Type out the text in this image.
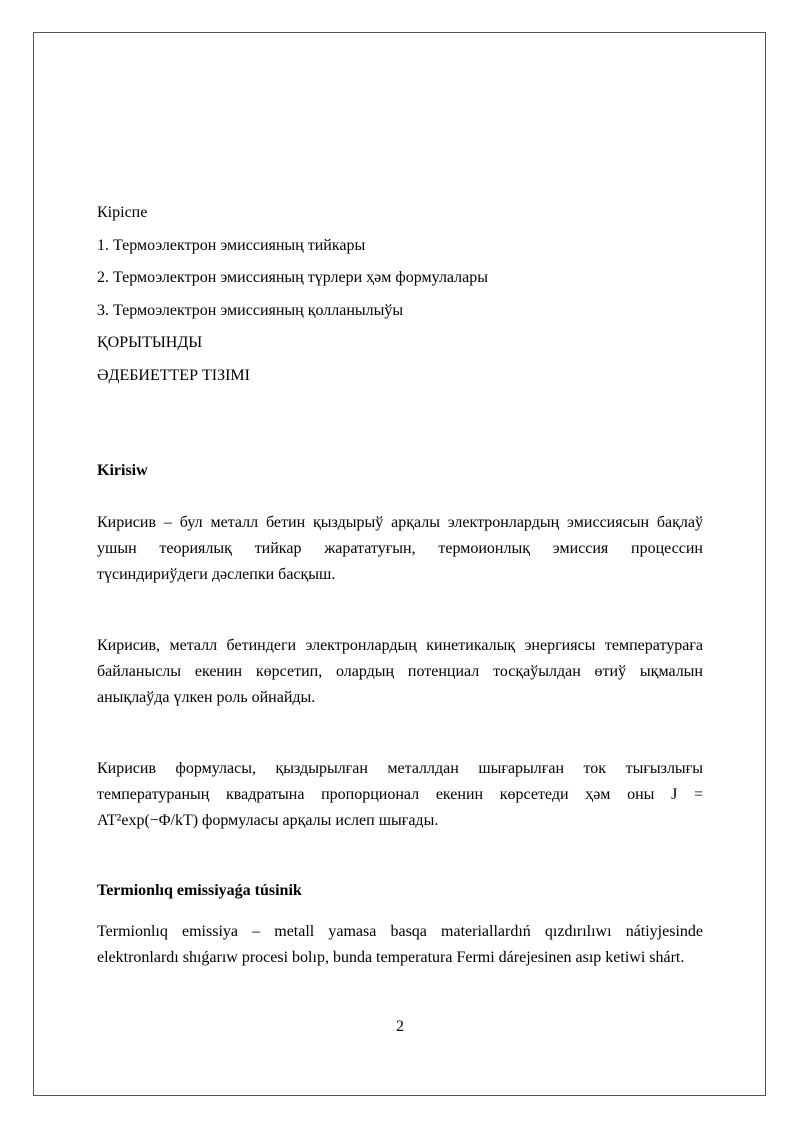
Кiрiспе
1. Термоэлектрон эмиссияның тийкары
2. Термоэлектрон эмиссияның түрлери ҳәм формулалары
3. Термоэлектрон эмиссияның қолланылыўы
ҚОРЫТЫНДЫ
ӘДЕБИЕТТЕР ТIЗIМI
Kirisiw
Кирисив – бул металл бетин қыздырыў арқалы электронлардың эмиссиясын бақлаў ушын теориялық тийкар жарататуғын, термоионлық эмиссия процессин түсиндириўдеги дәслепки басқыш.
Кирисив, металл бетиндеги электронлардың кинетикалық энергиясы температураға байланыслы екенин көрсетип, олардың потенциал тосқаўылдан өтиў ықмалын анықлаўда үлкен роль ойнайды.
Кирисив формуласы, қыздырылған металлдан шығарылған ток тығызлығы температураның квадратына пропорционал екенин көрсетеди ҳәм оны J = AT²exp(−Φ/kT) формуласы арқалы ислеп шығады.
Termionlıq emissiyaǵa túsinik
Termionlıq emissiya – metall yamasa basqa materiallardıń qızdırılıwı nátiyjesinde elektronlardı shıǵarıw procesi bolıp, bunda temperatura Fermi dárejesinen asıp ketiwi shárt.
2
